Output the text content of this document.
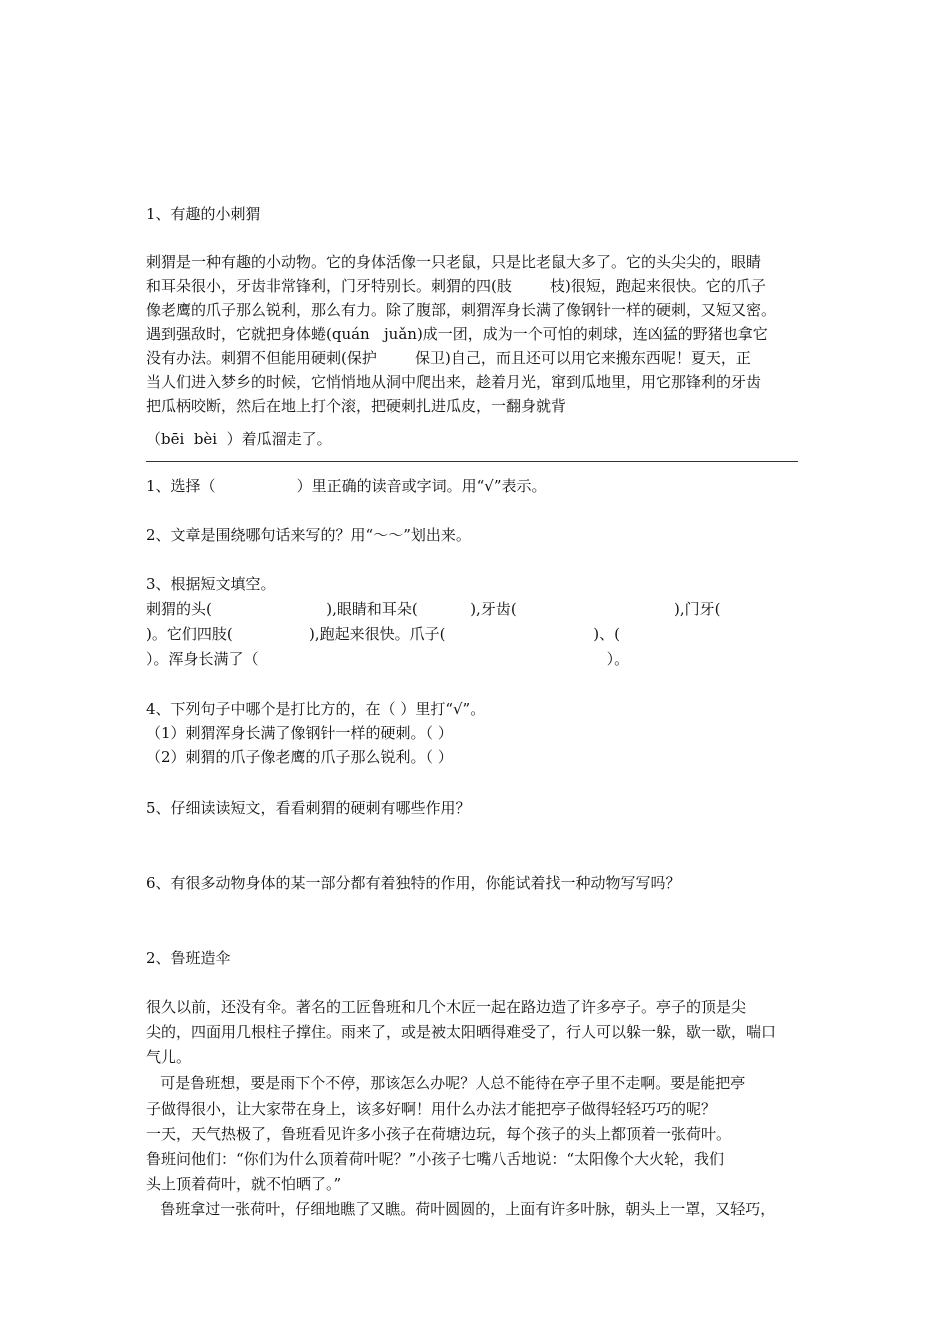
1、有趣的小刺猬

刺猬是一种有趣的小动物。它的身体活像一只老鼠，只是比老鼠大多了。它的头尖尖的，眼睛

和耳朵很小，牙齿非常锋利，门牙特别长。刺猬的四(肢        枝)很短，跑起来很快。它的爪子

像老鹰的爪子那么锐利，那么有力。除了腹部，刺猬浑身长满了像钢针一样的硬刺，又短又密。

遇到强敌时，它就把身体蜷(quán   juǎn)成一团，成为一个可怕的刺球，连凶猛的野猪也拿它

没有办法。刺猬不但能用硬刺(保护        保卫)自己，而且还可以用它来搬东西呢！夏天，正

当人们进入梦乡的时候，它悄悄地从洞中爬出来，趁着月光，窜到瓜地里，用它那锋利的牙齿

把瓜柄咬断，然后在地上打个滚，把硬刺扎进瓜皮，一翻身就背

（bēi  bèi  ）着瓜溜走了。

1、选择（                 ）里正确的读音或字词。用“√”表示。

2、文章是围绕哪句话来写的？用“～～”划出来。

3、根据短文填空。

刺猬的头(                        ),眼睛和耳朵(           ),牙齿(                                 ),门牙(

)。它们四肢(                ),跑起来很快。爪子(                               )、(

）。浑身长满了（                                                                         ）。

4、下列句子中哪个是打比方的，在（ ）里打“√”。

（1）刺猬浑身长满了像钢针一样的硬刺。（ ）

（2）刺猬的爪子像老鹰的爪子那么锐利。（ ）

5、仔细读读短文，看看刺猬的硬刺有哪些作用？

6、有很多动物身体的某一部分都有着独特的作用，你能试着找一种动物写写吗？

2、鲁班造伞

很久以前，还没有伞。著名的工匠鲁班和几个木匠一起在路边造了许多亭子。亭子的顶是尖

尖的，四面用几根柱子撑住。雨来了，或是被太阳晒得难受了，行人可以躲一躲，歇一歇，喘口

气儿。

可是鲁班想，要是雨下个不停，那该怎么办呢？人总不能待在亭子里不走啊。要是能把亭

子做得很小，让大家带在身上，该多好啊！用什么办法才能把亭子做得轻轻巧巧的呢？

一天，天气热极了，鲁班看见许多小孩子在荷塘边玩，每个孩子的头上都顶着一张荷叶。

鲁班问他们：“你们为什么顶着荷叶呢？”小孩子七嘴八舌地说：“太阳像个大火轮，我们

头上顶着荷叶，就不怕晒了。”

鲁班拿过一张荷叶，仔细地瞧了又瞧。荷叶圆圆的，上面有许多叶脉，朝头上一罩，又轻巧，
